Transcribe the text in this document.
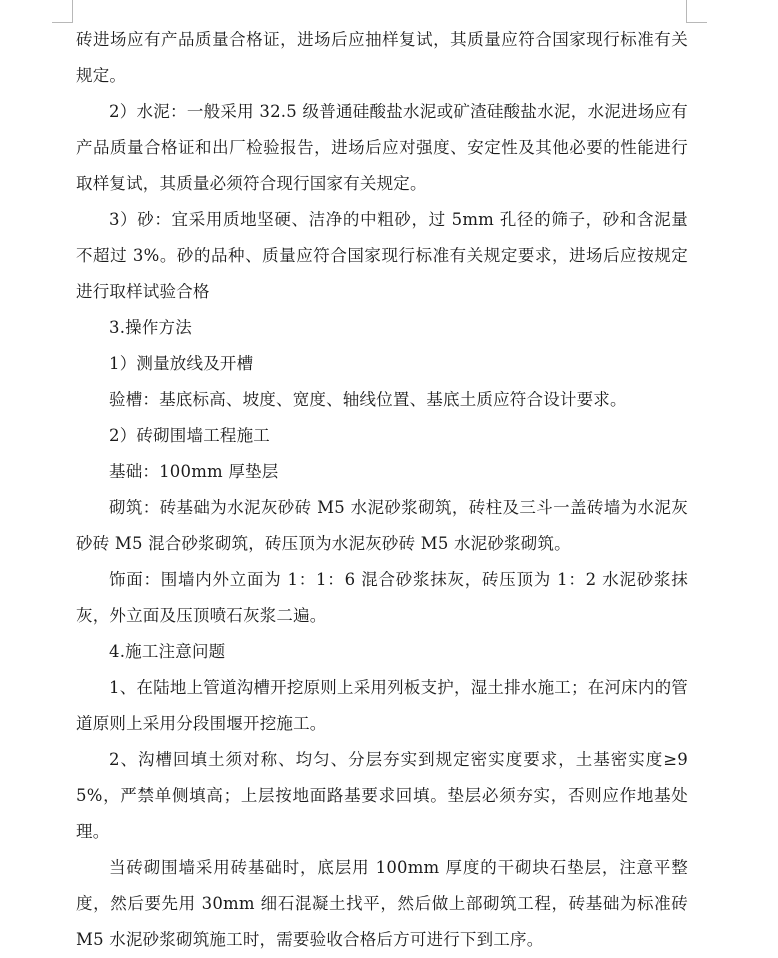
砖进场应有产品质量合格证，进场后应抽样复试，其质量应符合国家现行标准有关规定。

2）水泥：一般采用 32.5 级普通硅酸盐水泥或矿渣硅酸盐水泥，水泥进场应有产品质量合格证和出厂检验报告，进场后应对强度、安定性及其他必要的性能进行取样复试，其质量必须符合现行国家有关规定。

3）砂：宜采用质地坚硬、洁净的中粗砂，过 5mm 孔径的筛子，砂和含泥量不超过 3%。砂的品种、质量应符合国家现行标准有关规定要求，进场后应按规定进行取样试验合格

3.操作方法

1）测量放线及开槽

验槽：基底标高、坡度、宽度、轴线位置、基底土质应符合设计要求。

2）砖砌围墙工程施工

基础：100mm 厚垫层

砌筑：砖基础为水泥灰砂砖 M5 水泥砂浆砌筑，砖柱及三斗一盖砖墙为水泥灰砂砖 M5 混合砂浆砌筑，砖压顶为水泥灰砂砖 M5 水泥砂浆砌筑。

饰面：围墙内外立面为 1：1：6 混合砂浆抹灰，砖压顶为 1：2 水泥砂浆抹灰，外立面及压顶喷石灰浆二遍。

4.施工注意问题

1、在陆地上管道沟槽开挖原则上采用列板支护，湿土排水施工；在河床内的管道原则上采用分段围堰开挖施工。

2、沟槽回填土须对称、均匀、分层夯实到规定密实度要求，土基密实度≥95%，严禁单侧填高；上层按地面路基要求回填。垫层必须夯实，否则应作地基处理。

当砖砌围墙采用砖基础时，底层用 100mm 厚度的干砌块石垫层，注意平整度，然后要先用 30mm 细石混凝土找平，然后做上部砌筑工程，砖基础为标准砖 M5 水泥砂浆砌筑施工时，需要验收合格后方可进行下到工序。
